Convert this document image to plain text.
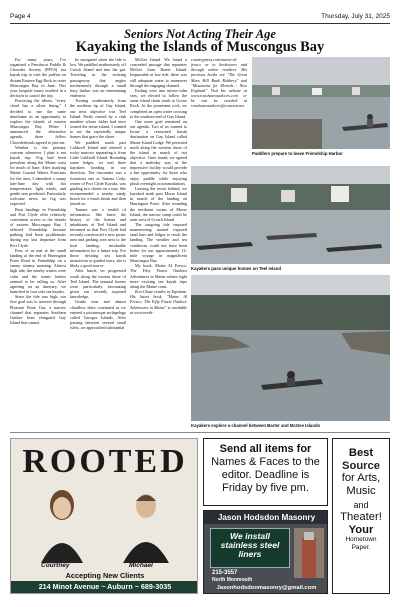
Page 4	Thursday, July 31, 2025
Seniors Not Acting Their Age
Kayaking the Islands of Muscongus Bay

For many years, I've organized a Penobscot Paddle & Chowder Society (PPCS) sea kayak trip to visit the puffins on distant Eastern Egg Rock in outer Muscongus Bay in June. This year, hospital issues resulted in a decision to cancel the trip.

Practicing the idiom, "every cloud has a silver lining," I decided to use the same timeframe as an opportunity to explore the islands of eastern Muscongus Bay. When I announced the alternative agenda, three fellow Chowderheads agreed to join me.

Weather is the primary concern whenever I plan a sea kayak trip. Fog had been prevalent along the Maine coast for much of June. After studying Maine Coastal Waters Forecasts for the area, I identified a sunny late-June day with hot temperatures, light winds, and gentle seas predicted. Particularly welcome news, no fog was expected.

Boat landings in Friendship and Port Clyde offer relatively convenient access to the islands of eastern Muscongus Bay. I selected Friendship because parking had been problematic during my last departure from Port Clyde.

Four of us met at the small landing at the end of Harrington Point Road in Friendship on a sunny, steamy morning. Almost high tide, the nearby waters were calm and the scenic harbor seemed to be calling us. After agreeing on an itinerary, we launched in four solo sea kayaks.

Since the tide was high, our first goal was to traverse through Pleasant Point Gut, a narrow channel that separates Southern Gushee from elongated Gay Island that cannot

be navigated when the tide is low. We paddled northeasterly off Crotch Island and into the gut. Traveling in the twisting passageway that angles northeasterly through a small busy harbor was an entertaining endeavor.

Turning southeasterly from the northern tip of Gay Island, our next objective was Teel Island. Partly owned by a club member whose father had once owned the entire island, I wanted to see the reportedly unique homes that grace the shore.

We paddled south past Caldwell Island and entered a rocky narrows separating it from Little Caldwell Island. Rounding some ledges, we met three kayakers heading in our direction. The encounter was a fortuitous one as Tamara Cody, owner of Port Clyde Kayaks, was guiding two clients on a tour. She recommended a nearby sandy beach for a lunch break and then joined us.

Tamara was a wealth of information. She knew the history of the homes and inhabitants of Teel Island and informed us that Port Clyde had recently constructed a new picnic area and parking area next to the boat landing; invaluable information for a future trip. For those desiring sea kayak instruction or guided tours, she is likely a good source.

After lunch, we progressed south along the eastern shore of Teel Island. The unusual homes were particularly fascinating given our recently acquired knowledge.

Gentle seas and almost cloudless skies continued as we entered a picturesque archipelago called Georges Islands. After passing between several small islets, we approached substantial

McGee Island. We found a concealed passage that separates McGee from Barter Island. Impassable at low tide, there was still adequate water to maneuver through the engaging channel.

Exiting west into mirror-calm seas, we elected to follow the same island chain south to Goose Rock. At the prominent rock, we completed an open water crossing to the southern end of Gay Island.

One more goal remained on our agenda. Two of us wanted to locate a renowned kayak destination on Gay Island called Maine Island Lodge. We persisted north along the western shore of the island in search of our objective. Once found, we agreed that a multiday stay at the impressive facility would provide a fun opportunity for those who enjoy paddle while enjoying plush overnight accommodations.

Leaving the resort behind, we kayaked north past Morse Island in search of the landing on Harrington Point. After rounding the northeast corner of Morse Island, the narrow ramp could be seen west of Crotch Island.

The outgoing tide required maneuvering around exposed sand bars and ledges to reach the landing. The weather and sea conditions could not have been better for our approximately 12-mile voyage in magnificent Muscongus Bay.

My book, Maine AI Fresco: The Fifty Finest Outdoor Adventures in Maine relates eight more exciting sea kayak trips along the Maine coast.

Ron Chase resides in Topsham. His latest book, "Maine Al Fresco: The Fifty Finest Outdoor Adventures in Maine" is available at www.north-

countrypress.com/maine-al-fresco or in bookstores and through online retailers. His previous books are "The Great Mars Hill Bank Robbery" and "Mountains for Mortals - New England." Visit his website at www.ronchaseoutdoors.com or he can be reached at ronchaseoutdoors@comcast.net

Paddlers prepare to leave Friendship Harbor
Kayakers pass unique homes on Teel Island
Kayakers explore a channel between Barter and McGee Islands
ROOTED
Courtney	Michael
Accepting New Clients
214 Minot Avenue ~ Auburn ~ 689-3035
Send all items for
Names & Faces to the
editor. Deadline is
Friday by five pm.
Jason Hodsdon Masonry
We install
stainless steel
liners
215-3557
North Monmouth
Jasonhodsdonmasonry@gmail.com
Best
Source
for Arts,
Music
and
Theater!
Your
Hometown
Paper.
